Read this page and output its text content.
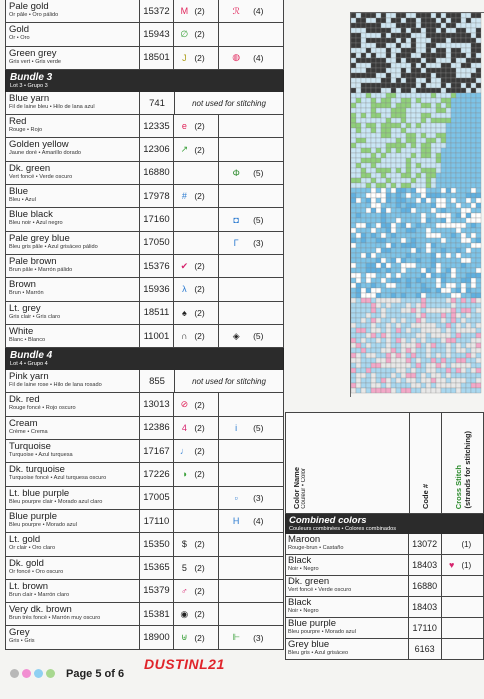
Pale gold
Or pâle • Oro pálido	15372	M (2)	ℛ	(4)
Gold
Or • Oro	15943	∅ (2)
Green grey
Gris vert • Gris verde	18501	J (2)	◍	(4)
Bundle 3
Lot 3 • Grupo 3
Blue yarn
Fil de laine bleu • Hilo de lana azul	741	not used for stitching
Red
Rouge • Rojo	12335	e (2)
Golden yellow
Jaune doré • Amarillo dorado	12306	↗ (2)
Dk. green
Vert foncé • Verde oscuro	16880	Φ	(5)
Blue
Bleu • Azul	17978	# (2)
Blue black
Bleu noir • Azul negro	17160	◘	(5)
Pale grey blue
Bleu gris pâle • Azul grisáceo pálido	17050	Γ	(3)
Pale brown
Brun pâle • Marrón pálido	15376	✔ (2)
Brown
Brun • Marrón	15936	λ (2)
Lt. grey
Gris clair • Gris claro	18511	♠ (2)
White
Blanc • Blanco	11001	∩ (2)	◈	(5)
Bundle 4
Lot 4 • Grupo 4
Pink yarn
Fil de laine rose • Hilo de lana rosado	855	not used for stitching
Dk. red
Rouge foncé • Rojo oscuro	13013	⊘ (2)
Cream
Crème • Crema	12386	4 (2)	i	(5)
Turquoise
Turquoise • Azul turquesa	17167	♩ (2)
Dk. turquoise
Turquoise foncé • Azul turquesa oscuro	17226	◑ (2)
Lt. blue purple
Bleu pourpre clair • Morado azul claro	17005	▫	(3)
Blue purple
Bleu pourpre • Morado azul	17110	H	(4)
Lt. gold
Or clair • Oro claro	15350	$ (2)
Dk. gold
Or foncé • Oro oscuro	15365	5 (2)
Lt. brown
Brun clair • Marrón claro	15379	♂ (2)
Very dk. brown
Brun très foncé • Marrón muy oscuro	15381	◉ (2)
Grey
Gris • Gris	18900	⊎ (2)	⊩	(3)
Color Name Couleur • Color	Code #	Cross Stitch (strands for stitching)
Combined colors
Couleurs combinées • Colores combinados
Maroon
Rouge-brun • Castaño	13072	(1)
Black
Noir • Negro	18403	♥ (1)
Dk. green
Vert foncé • Verde oscuro	16880
Black
Noir • Negro	18403
Blue purple
Bleu pourpre • Morado azul	17110
Grey blue
Bleu gris • Azul grisáceo	6163
Page 5 of 6
DUSTINL21
